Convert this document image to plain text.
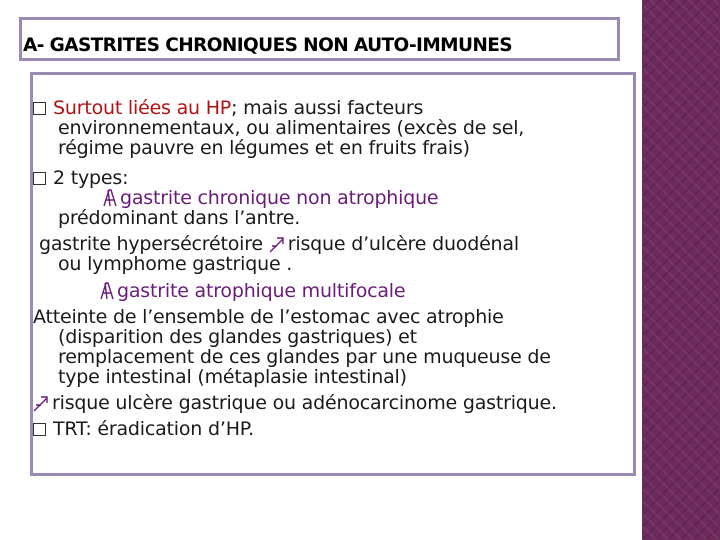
A- GASTRITES CHRONIQUES NON AUTO-IMMUNES
Surtout liées au HP; mais aussi facteurs
environnementaux, ou alimentaires (excès de sel,
régime pauvre en légumes et en fruits frais)
2 types:
gastrite chronique non atrophique
prédominant dans l’antre.
gastrite hypersécrétoire risque d’ulcère duodénal
ou lymphome gastrique .
gastrite atrophique multifocale
Atteinte de l’ensemble de l’estomac avec atrophie
(disparition des glandes gastriques) et
remplacement de ces glandes par une muqueuse de
type intestinal (métaplasie intestinal)
risque ulcère gastrique ou adénocarcinome gastrique.
TRT: éradication d’HP.
